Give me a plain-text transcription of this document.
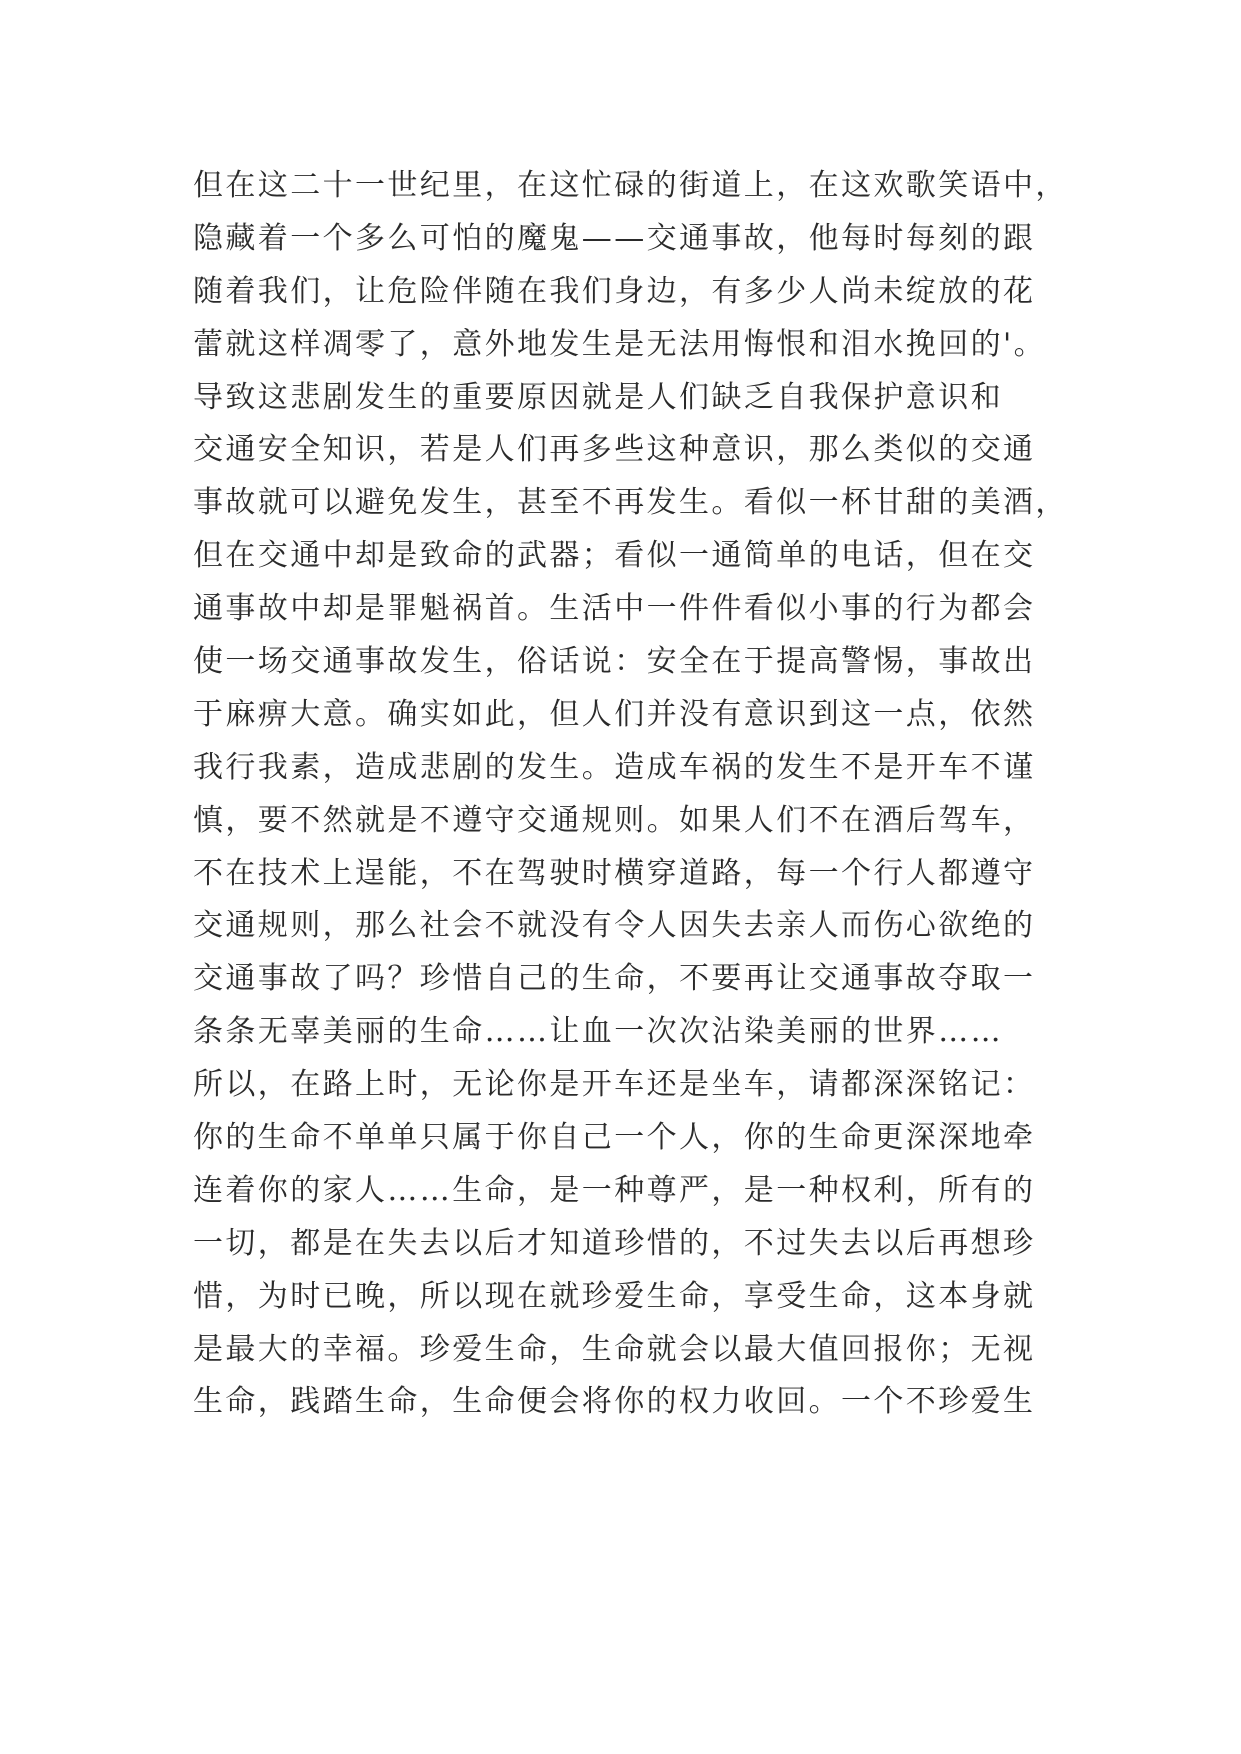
但在这二十一世纪里，在这忙碌的街道上，在这欢歌笑语中，
隐藏着一个多么可怕的魔鬼——交通事故，他每时每刻的跟
随着我们，让危险伴随在我们身边，有多少人尚未绽放的花
蕾就这样凋零了，意外地发生是无法用悔恨和泪水挽回的'。
导致这悲剧发生的重要原因就是人们缺乏自我保护意识和
交通安全知识，若是人们再多些这种意识，那么类似的交通
事故就可以避免发生，甚至不再发生。看似一杯甘甜的美酒，
但在交通中却是致命的武器；看似一通简单的电话，但在交
通事故中却是罪魁祸首。生活中一件件看似小事的行为都会
使一场交通事故发生，俗话说：安全在于提高警惕，事故出
于麻痹大意。确实如此，但人们并没有意识到这一点，依然
我行我素，造成悲剧的发生。造成车祸的发生不是开车不谨
慎，要不然就是不遵守交通规则。如果人们不在酒后驾车，
不在技术上逞能，不在驾驶时横穿道路，每一个行人都遵守
交通规则，那么社会不就没有令人因失去亲人而伤心欲绝的
交通事故了吗？珍惜自己的生命，不要再让交通事故夺取一
条条无辜美丽的生命……让血一次次沾染美丽的世界……
所以，在路上时，无论你是开车还是坐车，请都深深铭记：
你的生命不单单只属于你自己一个人，你的生命更深深地牵
连着你的家人……生命，是一种尊严，是一种权利，所有的
一切，都是在失去以后才知道珍惜的，不过失去以后再想珍
惜，为时已晚，所以现在就珍爱生命，享受生命，这本身就
是最大的幸福。珍爱生命，生命就会以最大值回报你；无视
生命，践踏生命，生命便会将你的权力收回。一个不珍爱生
